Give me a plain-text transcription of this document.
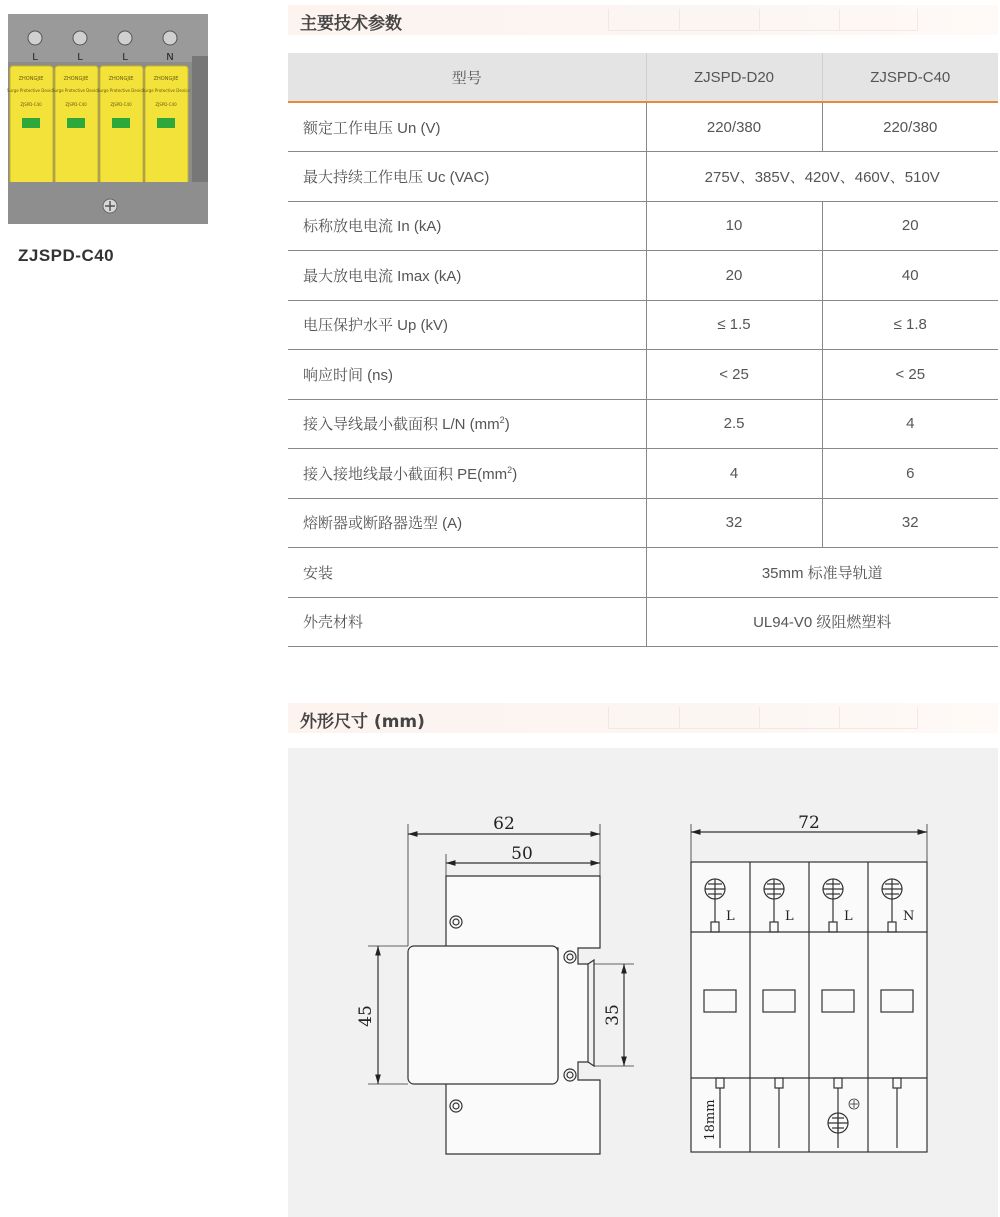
ZHONGJIE
Surge Protective Device
ZJSPD-C40
ZHONGJIE
Surge Protective Device
ZJSPD-C40
ZHONGJIE
Surge Protective Device
ZJSPD-C40
ZHONGJIE
Surge Protective Device
ZJSPD-C40
L	L	L	N
ZJSPD-C40
主要技术参数
型号	ZJSPD-D20	ZJSPD-C40
额定工作电压 Un (V)	220/380	220/380
最大持续工作电压 Uc (VAC)	275V、385V、420V、460V、510V	
标称放电电流 In (kA)	10	20
最大放电电流 Imax (kA)	20	40
电压保护水平 Up (kV)	≤ 1.5	≤ 1.8
响应时间 (ns)	< 25	< 25
接入导线最小截面积 L/N $(mm^2)$	2.5	4
接入接地线最小截面积 $PE(mm^2)$	4	6
熔断器或断路器选型 (A)	32	32
安装	35mm 标准导轨道	
外壳材料	UL94-V0 级阻燃塑料	
外形尺寸 (mm)
62
50
45	35
72
18mm
L	L	L	N
